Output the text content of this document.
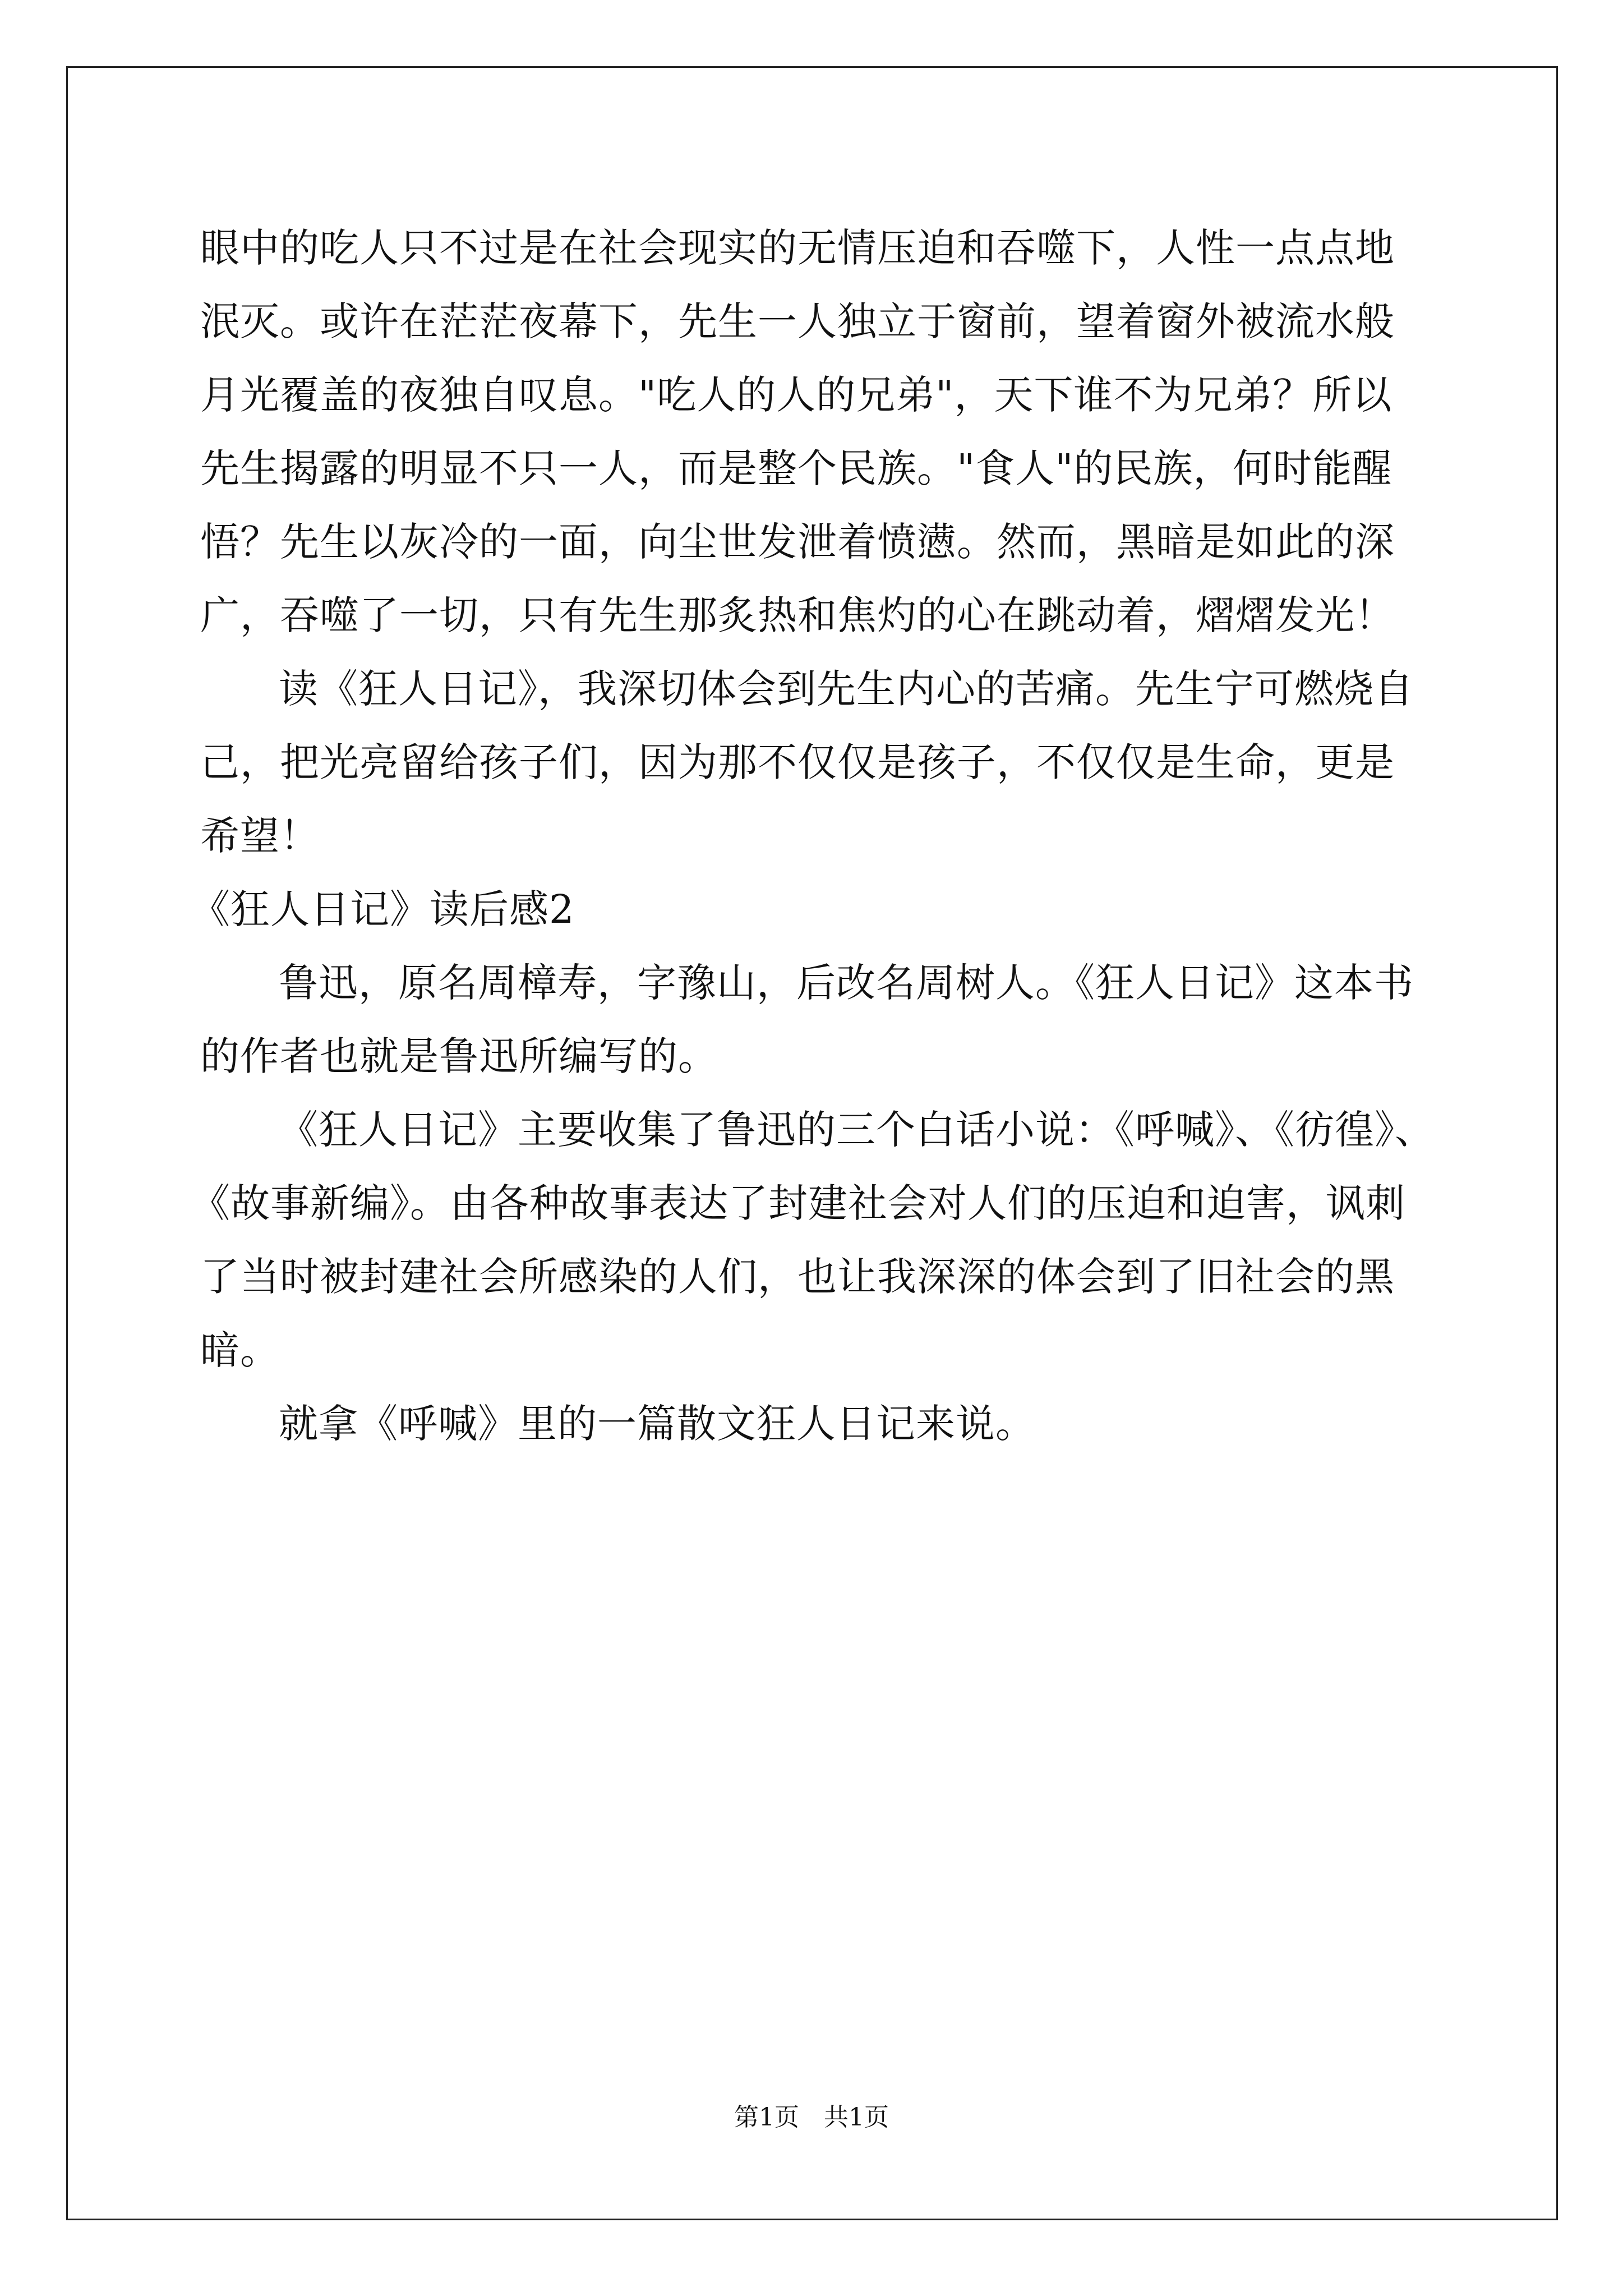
眼中的吃人只不过是在社会现实的无情压迫和吞噬下，人性一点点地

泯灭。或许在茫茫夜幕下，先生一人独立于窗前，望着窗外被流水般

月光覆盖的夜独自叹息。"吃人的人的兄弟"，天下谁不为兄弟？所以

先生揭露的明显不只一人，而是整个民族。"食人"的民族，何时能醒

悟？先生以灰冷的一面，向尘世发泄着愤懑。然而，黑暗是如此的深

广，吞噬了一切，只有先生那炙热和焦灼的心在跳动着，熠熠发光！

读《狂人日记》，我深切体会到先生内心的苦痛。先生宁可燃烧自

己，把光亮留给孩子们，因为那不仅仅是孩子，不仅仅是生命，更是

希望！

《狂人日记》读后感2

鲁迅，原名周樟寿，字豫山，后改名周树人。《狂人日记》这本书

的作者也就是鲁迅所编写的。

《狂人日记》主要收集了鲁迅的三个白话小说：《呼喊》、《彷徨》、

《故事新编》。由各种故事表达了封建社会对人们的压迫和迫害，讽刺

了当时被封建社会所感染的人们，也让我深深的体会到了旧社会的黑

暗。

就拿《呼喊》里的一篇散文狂人日记来说。

第1页　共1页
